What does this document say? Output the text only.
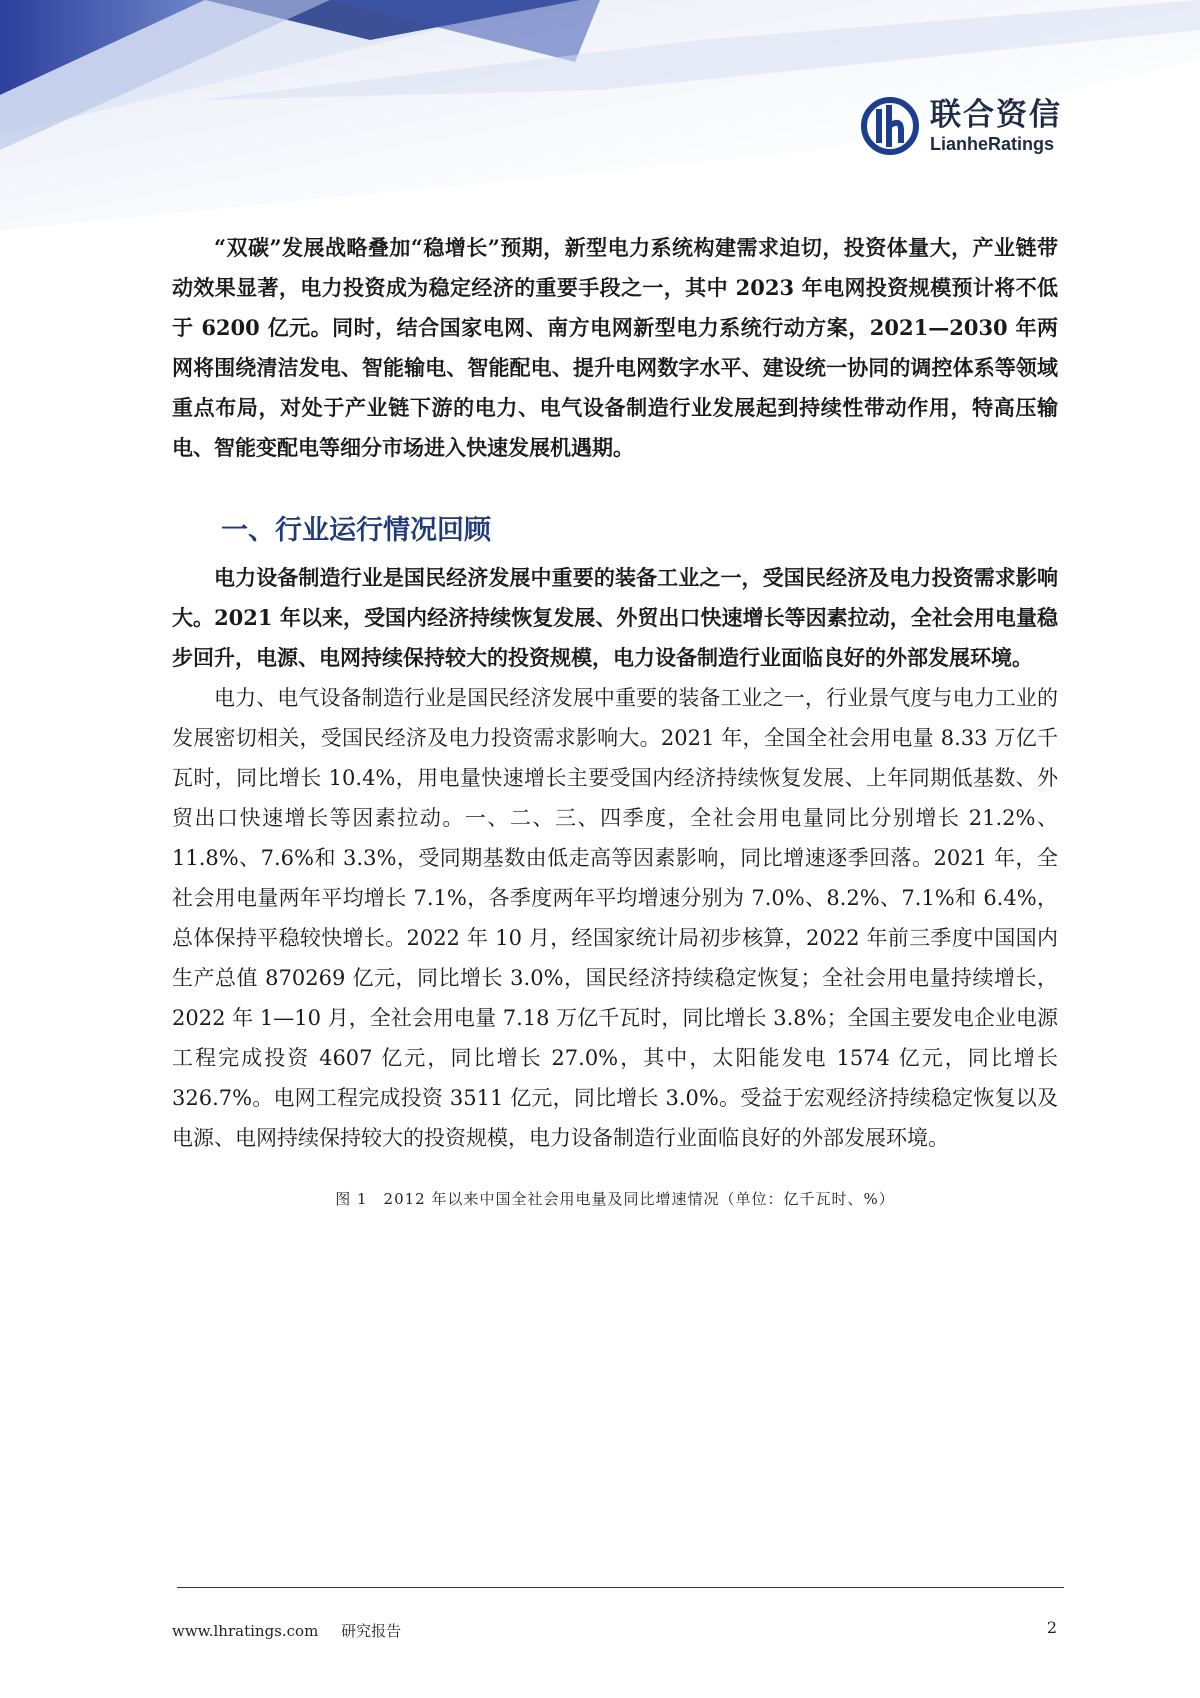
联合资信
LianheRatings

“双碳”发展战略叠加“稳增长”预期，新型电力系统构建需求迫切，投资体量大，产业链带动效果显著，电力投资成为稳定经济的重要手段之一，其中 2023 年电网投资规模预计将不低于 6200 亿元。同时，结合国家电网、南方电网新型电力系统行动方案，2021—2030 年两网将围绕清洁发电、智能输电、智能配电、提升电网数字水平、建设统一协同的调控体系等领域重点布局，对处于产业链下游的电力、电气设备制造行业发展起到持续性带动作用，特高压输电、智能变配电等细分市场进入快速发展机遇期。

一、行业运行情况回顾

电力设备制造行业是国民经济发展中重要的装备工业之一，受国民经济及电力投资需求影响大。2021 年以来，受国内经济持续恢复发展、外贸出口快速增长等因素拉动，全社会用电量稳步回升，电源、电网持续保持较大的投资规模，电力设备制造行业面临良好的外部发展环境。

电力、电气设备制造行业是国民经济发展中重要的装备工业之一，行业景气度与电力工业的发展密切相关，受国民经济及电力投资需求影响大。2021 年，全国全社会用电量 8.33 万亿千瓦时，同比增长 10.4%，用电量快速增长主要受国内经济持续恢复发展、上年同期低基数、外贸出口快速增长等因素拉动。一、二、三、四季度，全社会用电量同比分别增长 21.2%、11.8%、7.6%和 3.3%，受同期基数由低走高等因素影响，同比增速逐季回落。2021 年，全社会用电量两年平均增长 7.1%，各季度两年平均增速分别为 7.0%、8.2%、7.1%和 6.4%，总体保持平稳较快增长。2022 年 10 月，经国家统计局初步核算，2022 年前三季度中国国内生产总值 870269 亿元，同比增长 3.0%，国民经济持续稳定恢复；全社会用电量持续增长，2022 年 1—10 月，全社会用电量 7.18 万亿千瓦时，同比增长 3.8%；全国主要发电企业电源工程完成投资 4607 亿元，同比增长 27.0%，其中，太阳能发电 1574 亿元，同比增长 326.7%。电网工程完成投资 3511 亿元，同比增长 3.0%。受益于宏观经济持续稳定恢复以及电源、电网持续保持较大的投资规模，电力设备制造行业面临良好的外部发展环境。

图 1　2012 年以来中国全社会用电量及同比增速情况（单位：亿千瓦时、%）
www.lhratings.com 研究报告	2
